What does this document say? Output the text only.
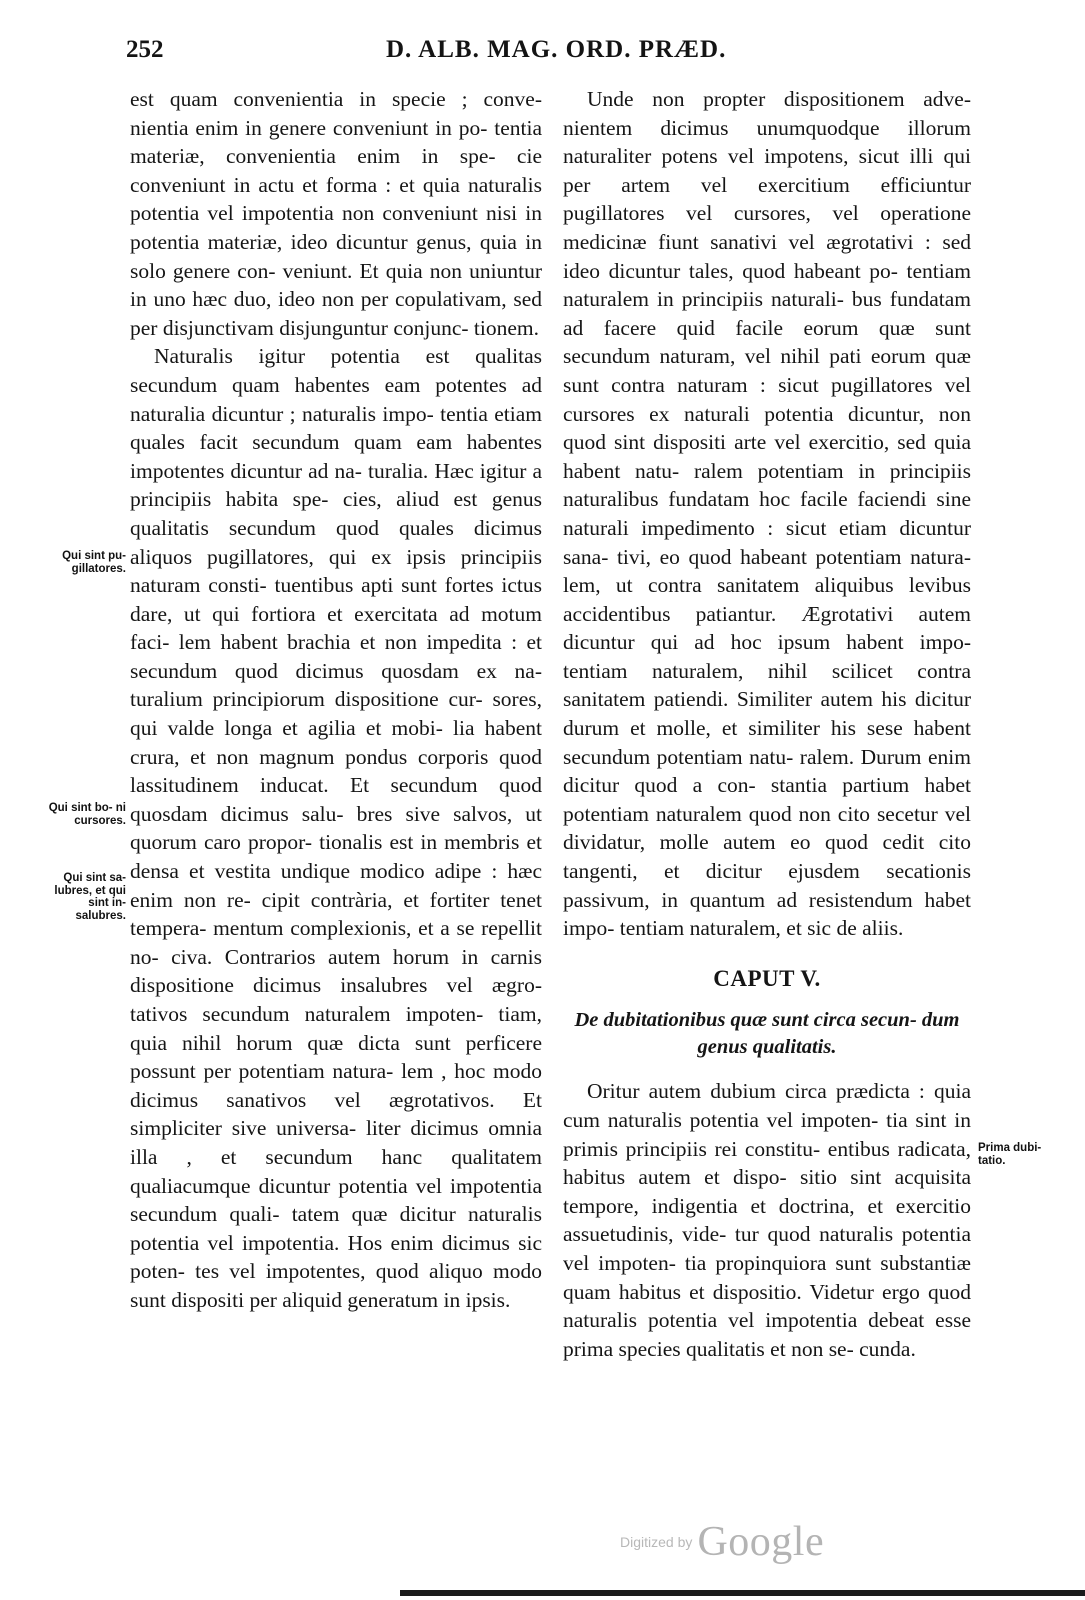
252	D. ALB. MAG. ORD. PRÆD.

est quam convenientia in specie ; conve- nientia enim in genere conveniunt in po- tentia materiæ, convenientia enim in spe- cie conveniunt in actu et forma : et quia naturalis potentia vel impotentia non conveniunt nisi in potentia materiæ, ideo dicuntur genus, quia in solo genere con- veniunt. Et quia non uniuntur in uno hæc duo, ideo non per copulativam, sed per disjunctivam disjunguntur conjunc- tionem.

Naturalis igitur potentia est qualitas secundum quam habentes eam potentes ad naturalia dicuntur ; naturalis impo- tentia etiam quales facit secundum quam eam habentes impotentes dicuntur ad na- turalia. Hæc igitur a principiis habita spe- cies, aliud est genus qualitatis secundum quod quales dicimus aliquos pugillatores, qui ex ipsis principiis naturam consti- tuentibus apti sunt fortes ictus dare, ut qui fortiora et exercitata ad motum faci- lem habent brachia et non impedita : et secundum quod dicimus quosdam ex na- turalium principiorum dispositione cur- sores, qui valde longa et agilia et mobi- lia habent crura, et non magnum pondus corporis quod lassitudinem inducat. Et secundum quod quosdam dicimus salu- bres sive salvos, ut quorum caro propor- tionalis est in membris et densa et vestita undique modico adipe : hæc enim non re- cipit contrària, et fortiter tenet tempera- mentum complexionis, et a se repellit no- civa. Contrarios autem horum in carnis dispositione dicimus insalubres vel ægro- tativos secundum naturalem impoten- tiam, quia nihil horum quæ dicta sunt perficere possunt per potentiam natura- lem , hoc modo dicimus sanativos vel ægrotativos. Et simpliciter sive universa- liter dicimus omnia illa , et secundum hanc qualitatem qualiacumque dicuntur potentia vel impotentia secundum quali- tatem quæ dicitur naturalis potentia vel impotentia. Hos enim dicimus sic poten- tes vel impotentes, quod aliquo modo sunt dispositi per aliquid generatum in ipsis.

Unde non propter dispositionem adve- nientem dicimus unumquodque illorum naturaliter potens vel impotens, sicut illi qui per artem vel exercitium efficiuntur pugillatores vel cursores, vel operatione medicinæ fiunt sanativi vel ægrotativi : sed ideo dicuntur tales, quod habeant po- tentiam naturalem in principiis naturali- bus fundatam ad facere quid facile eorum quæ sunt secundum naturam, vel nihil pati eorum quæ sunt contra naturam : sicut pugillatores vel cursores ex naturali potentia dicuntur, non quod sint dispositi arte vel exercitio, sed quia habent natu- ralem potentiam in principiis naturalibus fundatam hoc facile faciendi sine naturali impedimento : sicut etiam dicuntur sana- tivi, eo quod habeant potentiam natura- lem, ut contra sanitatem aliquibus levibus accidentibus patiantur. Ægrotativi autem dicuntur qui ad hoc ipsum habent impo- tentiam naturalem, nihil scilicet contra sanitatem patiendi. Similiter autem his dicitur durum et molle, et similiter his sese habent secundum potentiam natu- ralem. Durum enim dicitur quod a con- stantia partium habet potentiam naturalem quod non cito secetur vel dividatur, molle autem eo quod cedit cito tangenti, et dicitur ejusdem secationis passivum, in quantum ad resistendum habet impo- tentiam naturalem, et sic de aliis.

CAPUT V.
De dubitationibus quæ sunt circa secun- dum genus qualitatis.

Oritur autem dubium circa prædicta : quia cum naturalis potentia vel impoten- tia sint in primis principiis rei constitu- entibus radicata, habitus autem et dispo- sitio sint acquisita tempore, indigentia et doctrina, et exercitio assuetudinis, vide- tur quod naturalis potentia vel impoten- tia propinquiora sunt substantiæ quam habitus et dispositio. Videtur ergo quod naturalis potentia vel impotentia debeat esse prima species qualitatis et non se- cunda.

Qui sint pu- gillatores.
Qui sint bo- ni cursores.
Qui sint sa- lubres, et qui sint in- salubres.
Prima dubi- tatio.
Digitized by Google
